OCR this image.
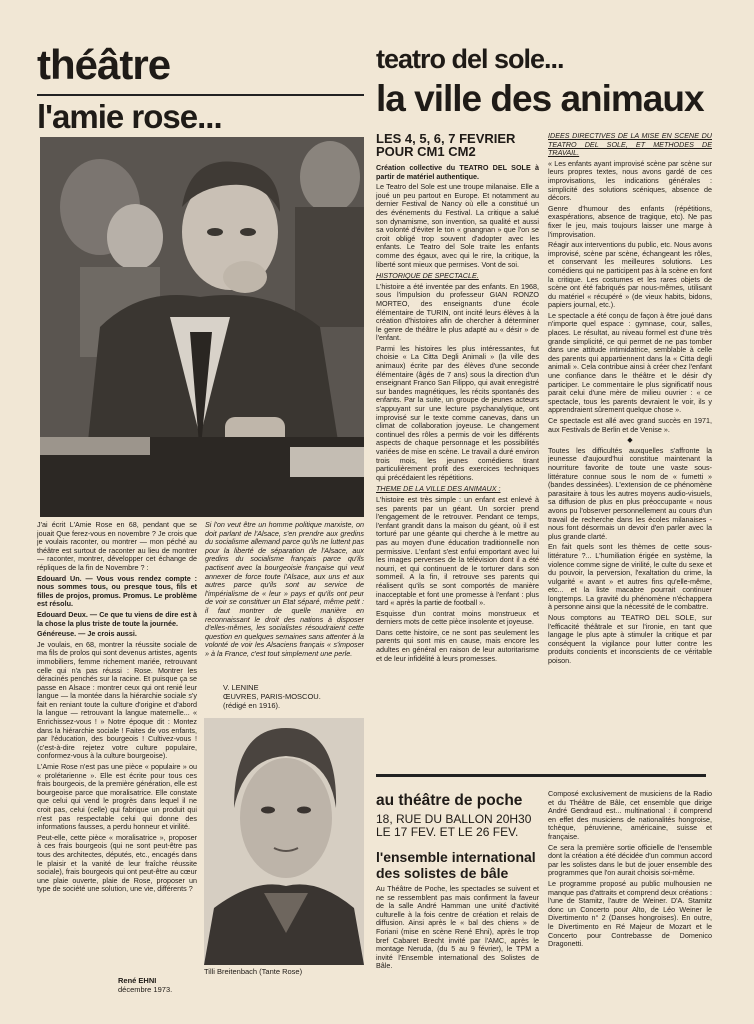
théâtre
l'amie rose...
teatro del sole...
la ville des animaux
LES 4, 5, 6, 7 FEVRIER
POUR CM1 CM2

Création collective du TEATRO DEL SOLE à partir de matériel authentique.

Le Teatro del Sole est une troupe milanaise. Elle a joué un peu partout en Europe. Et notamment au dernier Festival de Nancy où elle a constitué un des événements du Festival. La critique a salué son dynamisme, son invention, sa qualité et aussi sa volonté d'éviter le ton « gnangnan » que l'on se croit obligé trop souvent d'adopter avec les enfants. Le Teatro del Sole traite les enfants comme des égaux, avec qui le rire, la critique, la liberté sont mieux que permises. Vont de soi.

HISTORIQUE DE SPECTACLE.

L'histoire a été inventée par des enfants. En 1968, sous l'impulsion du professeur GIAN RONZO MORTEO, des enseignants d'une école élémentaire de TURIN, ont incité leurs élèves à la création d'histoires afin de chercher à déterminer le genre de théâtre le plus adapté au « désir » de l'enfant.

Parmi les histoires les plus intéressantes, fut choisie « La Citta Degli Animali » (la ville des animaux) écrite par des élèves d'une seconde élémentaire (âgés de 7 ans) sous la direction d'un enseignant Franco San Filippo, qui avait enregistré sur bandes magnétiques, les récits spontanés des enfants. Par la suite, un groupe de jeunes acteurs s'appuyant sur une lecture psychanalytique, ont improvisé sur le texte comme canevas, dans un climat de collaboration joyeuse. Le changement continuel des rôles a permis de voir les différents aspects de chaque personnage et les possibilités variées de mise en scène. Le travail a duré environ trois mois, les jeunes comédiens tirant particulièrement profit des exercices techniques qui précédaient les répétitions.

THEME DE LA VILLE DES ANIMAUX :

L'histoire est très simple : un enfant est enlevé à ses parents par un géant. Un sorcier prend l'engagement de le retrouver. Pendant ce temps, l'enfant grandit dans la maison du géant, où il est torturé par une géante qui cherche à le mettre au pas au moyen d'une éducation traditionnelle non permissive. L'enfant s'est enfui emportant avec lui les images perverses de la télévision dont il a été nourri, et qui continuent de le torturer dans son sommeil. A la fin, il retrouve ses parents qui réalisent qu'ils se sont comportés de manière inacceptable et font une promesse à l'enfant : plus tard « après la partie de football ».

Esquisse d'un contrat moins monstrueux et derniers mots de cette pièce insolente et joyeuse.

Dans cette histoire, ce ne sont pas seulement les parents qui sont mis en cause, mais encore les adultes en général en raison de leur autoritarisme et de leur infidélité à leurs promesses.

IDEES DIRECTIVES DE LA MISE EN SCENE DU TEATRO DEL SOLE, ET METHODES DE TRAVAIL.

« Les enfants ayant improvisé scène par scène sur leurs propres textes, nous avons gardé de ces improvisations, les indications générales : simplicité des solutions scéniques, absence de décors.

Genre d'humour des enfants (répétitions, exaspérations, absence de tragique, etc). Ne pas fixer le jeu, mais toujours laisser une marge à l'improvisation.

Réagir aux interventions du public, etc. Nous avons improvisé, scène par scène, échangeant les rôles, et conservant les meilleures solutions. Les comédiens qui ne participent pas à la scène en font la critique. Les costumes et les rares objets de scène ont été fabriqués par nous-mêmes, utilisant du matériel « récupéré » (de vieux habits, bidons, papiers journal, etc.).

Le spectacle a été conçu de façon à être joué dans n'importe quel espace : gymnase, cour, salles, places. Le résultat, au niveau formel est d'une très grande simplicité, ce qui permet de ne pas tomber dans une attitude intimidatrice, semblable à celle des parents qui appartiennent dans la « Citta degli animali ». Cela contribue ainsi à créer chez l'enfant une confiance dans le théâtre et le désir d'y participer. Le commentaire le plus significatif nous parait celui d'une mère de milieu ouvrier : « ce spectacle, tous les parents devraient le voir, ils y apprendraient sûrement quelque chose ».

Ce spectacle est allé avec grand succès en 1971, aux Festivals de Berlin et de Venise ».

◆

Toutes les difficultés auxquelles s'affronte la jeunesse d'aujourd'hui constitue maintenant la nourriture favorite de toute une vaste sous-littérature connue sous le nom de « fumetti » (bandes dessinées). L'extension de ce phénomène parasitaire à tous les autres moyens audio-visuels, sa diffusion de plus en plus préoccupante « nous avons pu l'observer personnellement au cours d'un travail de recherche dans les écoles milanaises - nous font désormais un devoir d'en parler avec la plus grande clarté.

En fait quels sont les thèmes de cette sous-littérature ?... L'humiliation érigée en système, la violence comme signe de virilité, le culte du sexe et du pouvoir, la perversion, l'exaltation du crime, la vulgarité « avant » et autres fins qu'elle-même, etc... et la liste macabre pourrait continuer longtemps. La gravité du phénomène n'échappera à personne ainsi que la nécessité de le combattre.

Nous comptons au TEATRO DEL SOLE, sur l'efficacité théâtrale et sur l'ironie, en tant que langage le plus apte à stimuler la critique et par conséquent la vigilance pour lutter contre les produits concients et inconscients de ce véritable poison.

J'ai écrit L'Amie Rose en 68, pendant que se jouait Que ferez-vous en novembre ? Je crois que je voulais raconter, ou montrer — mon péché au théâtre est surtout de raconter au lieu de montrer — raconter, montrer, développer cet échange de répliques de la fin de Novembre ? :

Edouard Un. — Vous vous rendez compte : nous sommes tous, ou presque tous, fils et filles de projos, promus. Promus. Le problème est résolu.

Edouard Deux. — Ce que tu viens de dire est à la chose la plus triste de toute la journée.

Généreuse. — Je crois aussi.

Je voulais, en 68, montrer la réussite sociale de ma fils de prolos qui sont devenus artistes, agents immobiliers, femme richement mariée, retrouvant celle qui n'a pas réussi : Rose. Montrer les déracinés penchés sur la racine. Et puisque ça se passe en Alsace : montrer ceux qui ont renié leur langue — la montée dans la hiérarchie sociale s'y fait en reniant toute la culture d'origine et d'abord la langue — retrouvant la langue maternelle... « Enrichissez-vous ! » Notre époque dit : Montez dans la hiérarchie sociale ! Faites de vos enfants, par l'éducation, des bourgeois ! Cultivez-vous ! (c'est-à-dire rejetez votre culture populaire, conformez-vous à la culture bourgeoise).

L'Amie Rose n'est pas une pièce « populaire » ou « prolétarienne ». Elle est écrite pour tous ces frais bourgeois, de la première génération, elle est bourgeoise parce que moralisatrice. Elle constate que celui qui vend le progrès dans lequel il ne croit pas, celui (celle) qui fabrique un produit qui n'est pas respectable celui qui donne des informations fausses, a perdu honneur et virilité.

Peut-elle, cette pièce « moralisatrice », proposer à ces frais bourgeois (qui ne sont peut-être pas tous des architectes, députés, etc., encagés dans le plaisir et la vanité de leur fraîche réussite sociale), frais bourgeois qui ont peut-être au cœur une plaie ouverte, plaie de Rose, proposer un type de société une solution, une vie, différents ?

René EHNI
décembre 1973.

Si l'on veut être un homme politique marxiste, on doit parlant de l'Alsace, s'en prendre aux gredins du socialisme allemand parce qu'ils ne luttent pas pour la liberté de séparation de l'Alsace, aux gredins du socialisme français parce qu'ils pactisent avec la bourgeoisie française qui veut annexer de force toute l'Alsace, aux uns et aux autres parce qu'ils sont au service de l'impérialisme de « leur » pays et qu'ils ont peur de voir se constituer un Etat séparé, même petit : il faut montrer de quelle manière en reconnaissant le droit des nations à disposer d'elles-mêmes, les socialistes résoudraient cette question en quelques semaines sans attenter à la volonté de voir les Alsaciens français « s'imposer » à la France, c'est tout simplement une perle.

V. LENINE
ŒUVRES, PARIS-MOSCOU.
(rédigé en 1916).
Tilli Breitenbach (Tante Rose)
au théâtre de poche
18, RUE DU BALLON 20H30
LE 17 FEV. ET LE 26 FEV.
l'ensemble international
des solistes de bâle

Au Théâtre de Poche, les spectacles se suivent et ne se ressemblent pas mais confirment la faveur de la salle André Hamman une unité d'activité culturelle à la fois centre de création et relais de diffusion. Ainsi après le « bal des chiens » de Foriani (mise en scène René Ehni), après le trop bref Cabaret Brecht invité par l'AMC, après le montage Neruda, (du 5 au 9 février), le TPM a invité l'Ensemble international des Solistes de Bâle.

Composé exclusivement de musiciens de la Radio et du Théâtre de Bâle, cet ensemble que dirige André Gendraud est... multinational : il comprend en effet des musiciens de nationalités hongroise, tchèque, péruvienne, américaine, suisse et française.

Ce sera la première sortie officielle de l'ensemble dont la création a été décidée d'un commun accord par les solistes dans le but de jouer ensemble des programmes que l'on aurait choisis soi-même.

Le programme proposé au public mulhousien ne manque pas d'attraits et comprend deux créations : l'une de Stamitz, l'autre de Weiner. D'A. Stamitz donc un Concerto pour Alto, de Léo Weiner le Divertimento n° 2 (Danses hongroises). En outre, le Divertimento en Ré Majeur de Mozart et le Concerto pour Contrebasse de Domenico Dragonetti.
